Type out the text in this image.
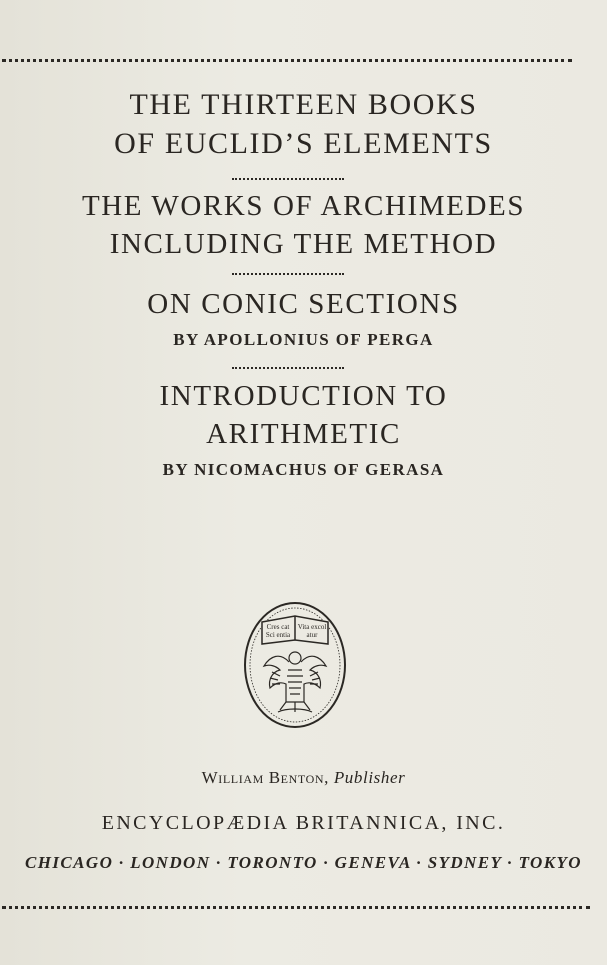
THE THIRTEEN BOOKS
OF EUCLID’S ELEMENTS
THE WORKS OF ARCHIMEDES
INCLUDING THE METHOD
ON CONIC SECTIONS
BY APOLLONIUS OF PERGA
INTRODUCTION TO
ARITHMETIC
BY NICOMACHUS OF GERASA
Cres cat
Sci entia
Vita excol
atur
William Benton, Publisher
ENCYCLOPÆDIA BRITANNICA, INC.
CHICAGO · LONDON · TORONTO · GENEVA · SYDNEY · TOKYO
